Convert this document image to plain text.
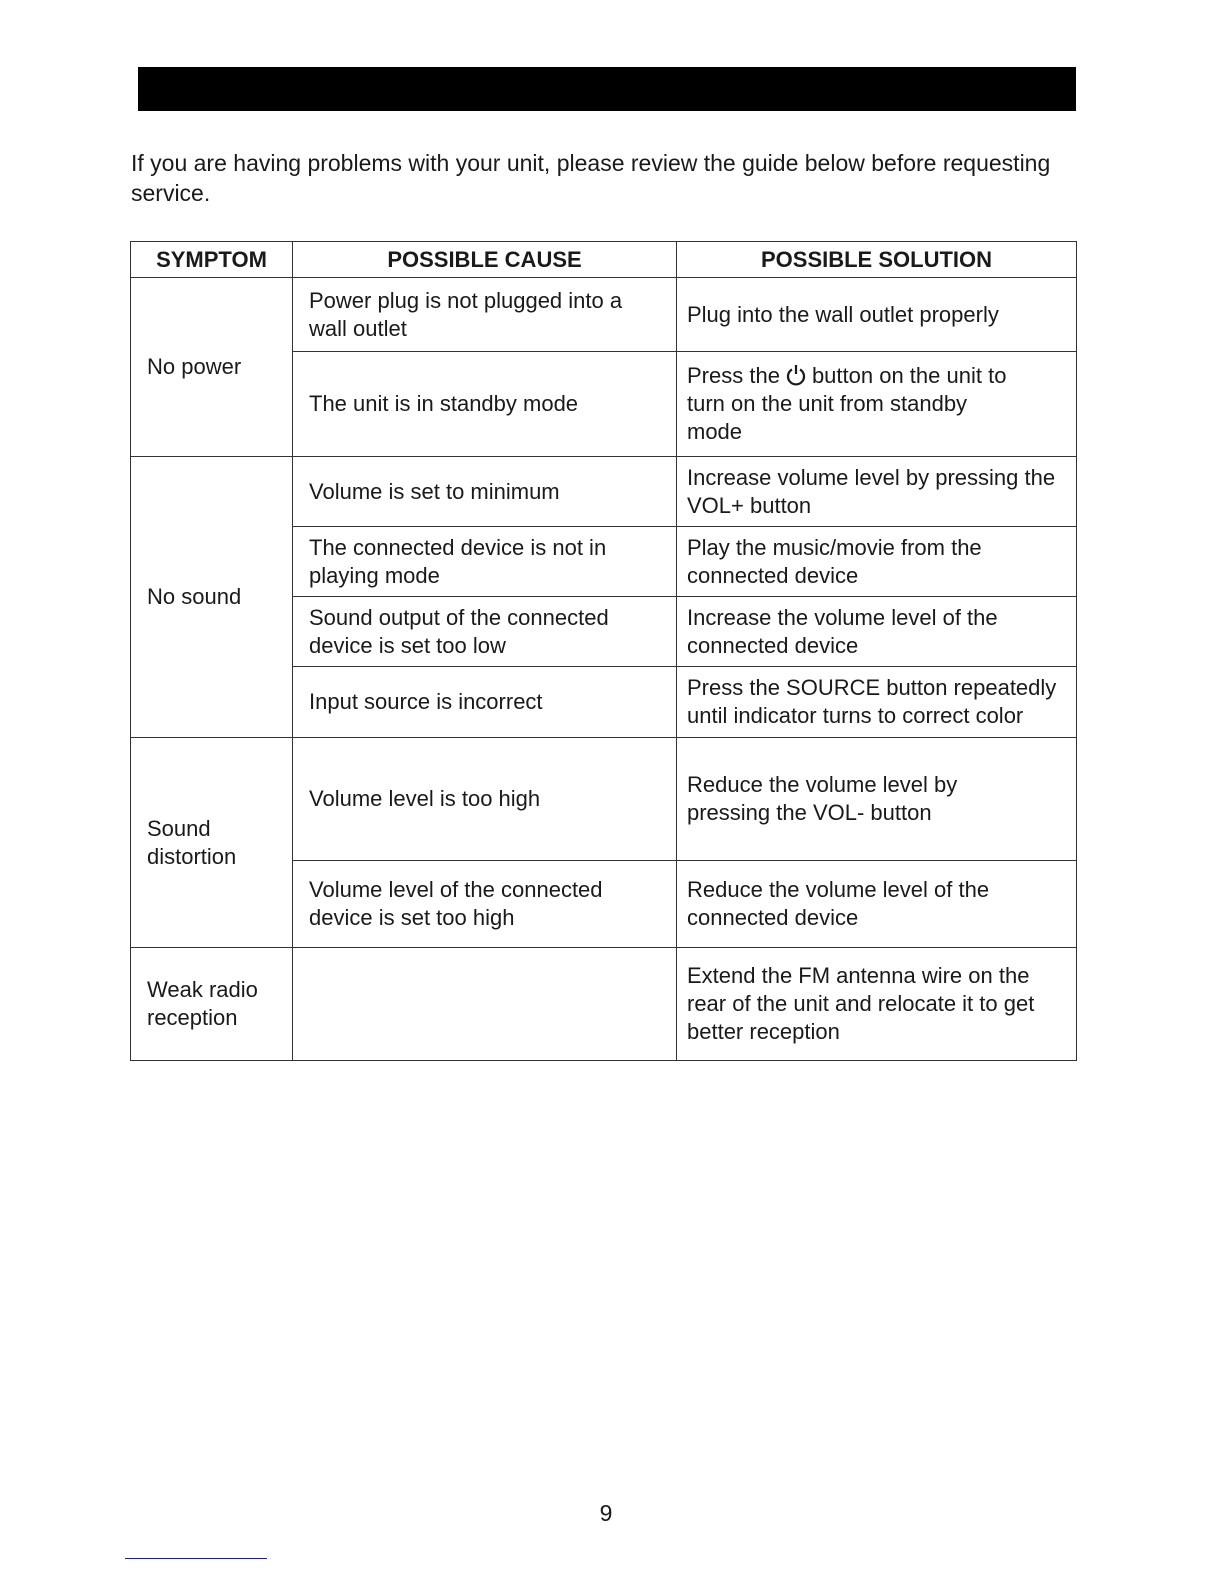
If you are having problems with your unit, please review the guide below before requesting service.
SYMPTOM	POSSIBLE CAUSE	POSSIBLE SOLUTION
No power
No sound
Sound distortion
Weak radio reception
Power plug is not plugged into a wall outlet
Plug into the wall outlet properly
The unit is in standby mode
Press the button on the unit to turn on the unit from standby mode
Volume is set to minimum
Increase volume level by pressing the VOL+ button
The connected device is not in playing mode
Play the music/movie from the connected device
Sound output of the connected device is set too low
Increase the volume level of the connected device
Input source is incorrect
Press the SOURCE button repeatedly until indicator turns to correct color
Volume level is too high
Reduce the volume level by pressing the VOL- button
Volume level of the connected device is set too high
Reduce the volume level of the connected device
Extend the FM antenna wire on the rear of the unit and relocate it to get better reception
9
